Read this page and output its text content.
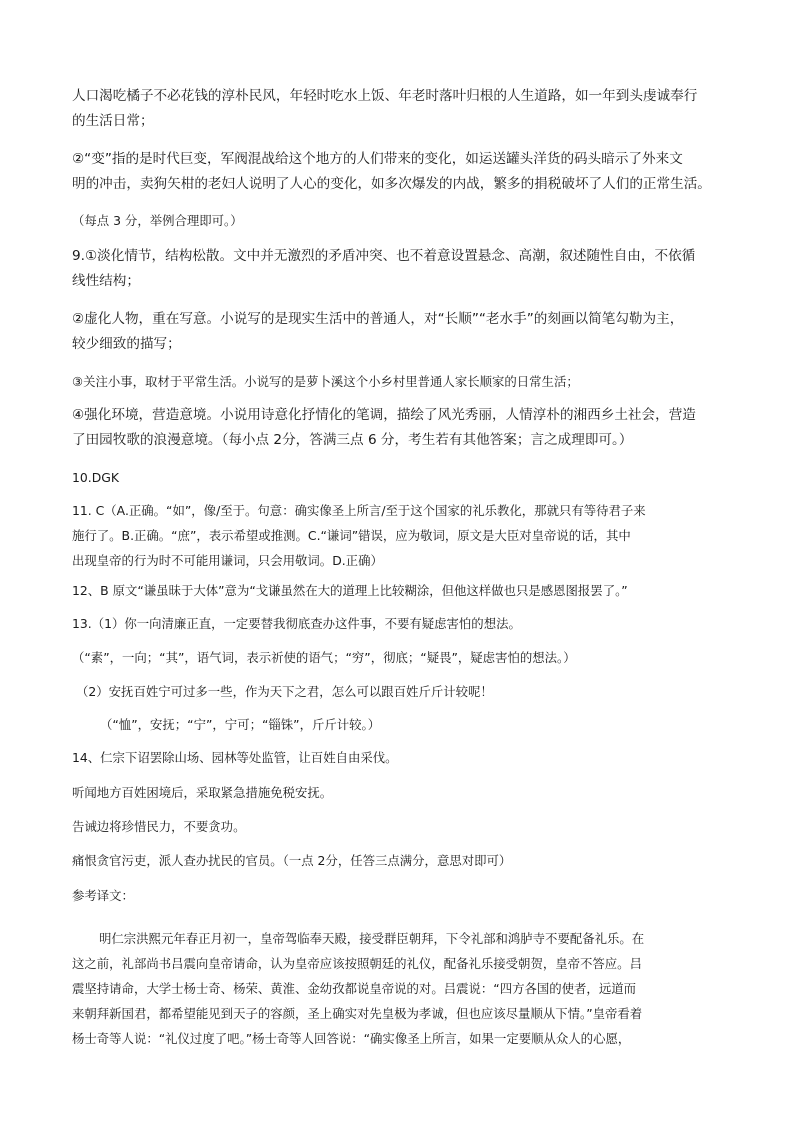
人口渴吃橘子不必花钱的淳朴民风，年轻时吃水上饭、年老时落叶归根的人生道路，如一年到头虔诚奉行
的生活日常；

②“变”指的是时代巨变，军阀混战给这个地方的人们带来的变化，如运送罐头洋货的码头暗示了外来文
明的冲击，卖狗矢柑的老妇人说明了人心的变化，如多次爆发的内战，繁多的捐税破坏了人们的正常生活。

（每点 3 分，举例合理即可。）

9.①淡化情节，结构松散。文中并无激烈的矛盾冲突、也不着意设置悬念、高潮，叙述随性自由，不依循
线性结构；

②虚化人物，重在写意。小说写的是现实生活中的普通人，对“长顺”“老水手”的刻画以简笔勾勒为主，
较少细致的描写；

③关注小事，取材于平常生活。小说写的是萝卜溪这个小乡村里普通人家长顺家的日常生活；

④强化环境，营造意境。小说用诗意化抒情化的笔调，描绘了风光秀丽，人情淳朴的湘西乡土社会，营造
了田园牧歌的浪漫意境。（每小点 2分，答满三点 6 分，考生若有其他答案；言之成理即可。）

10.DGK

11. C（A.正确。“如”，像/至于。句意：确实像圣上所言/至于这个国家的礼乐教化，那就只有等待君子来
施行了。B.正确。“庶”，表示希望或推测。C.“谦词”错误，应为敬词，原文是大臣对皇帝说的话，其中
出现皇帝的行为时不可能用谦词，只会用敬词。D.正确）

12、B 原文“谦虽昧于大体”意为“戈谦虽然在大的道理上比较糊涂，但他这样做也只是感恩图报罢了。”

13.（1）你一向清廉正直，一定要替我彻底查办这件事，不要有疑虑害怕的想法。

（“素”，一向；“其”，语气词，表示祈使的语气；“穷”，彻底；“疑畏”，疑虑害怕的想法。）

（2）安抚百姓宁可过多一些，作为天下之君，怎么可以跟百姓斤斤计较呢！

（“恤”，安抚；“宁”，宁可；“锱铢”，斤斤计较。）

14、仁宗下诏罢除山场、园林等处监管，让百姓自由采伐。

听闻地方百姓困境后，采取紧急措施免税安抚。

告诫边将珍惜民力，不要贪功。

痛恨贪官污吏，派人查办扰民的官员。（一点 2分，任答三点满分，意思对即可）

参考译文：

明仁宗洪熙元年春正月初一，皇帝驾临奉天殿，接受群臣朝拜，下令礼部和鸿胪寺不要配备礼乐。在
这之前，礼部尚书吕震向皇帝请命，认为皇帝应该按照朝廷的礼仪，配备礼乐接受朝贺，皇帝不答应。吕
震坚持请命，大学士杨士奇、杨荣、黄淮、金幼孜都说皇帝说的对。吕震说：“四方各国的使者，远道而
来朝拜新国君，都希望能见到天子的容颜，圣上确实对先皇极为孝诚，但也应该尽量顺从下情。”皇帝看着
杨士奇等人说：“礼仪过度了吧。”杨士奇等人回答说：“确实像圣上所言，如果一定要顺从众人的心愿，
